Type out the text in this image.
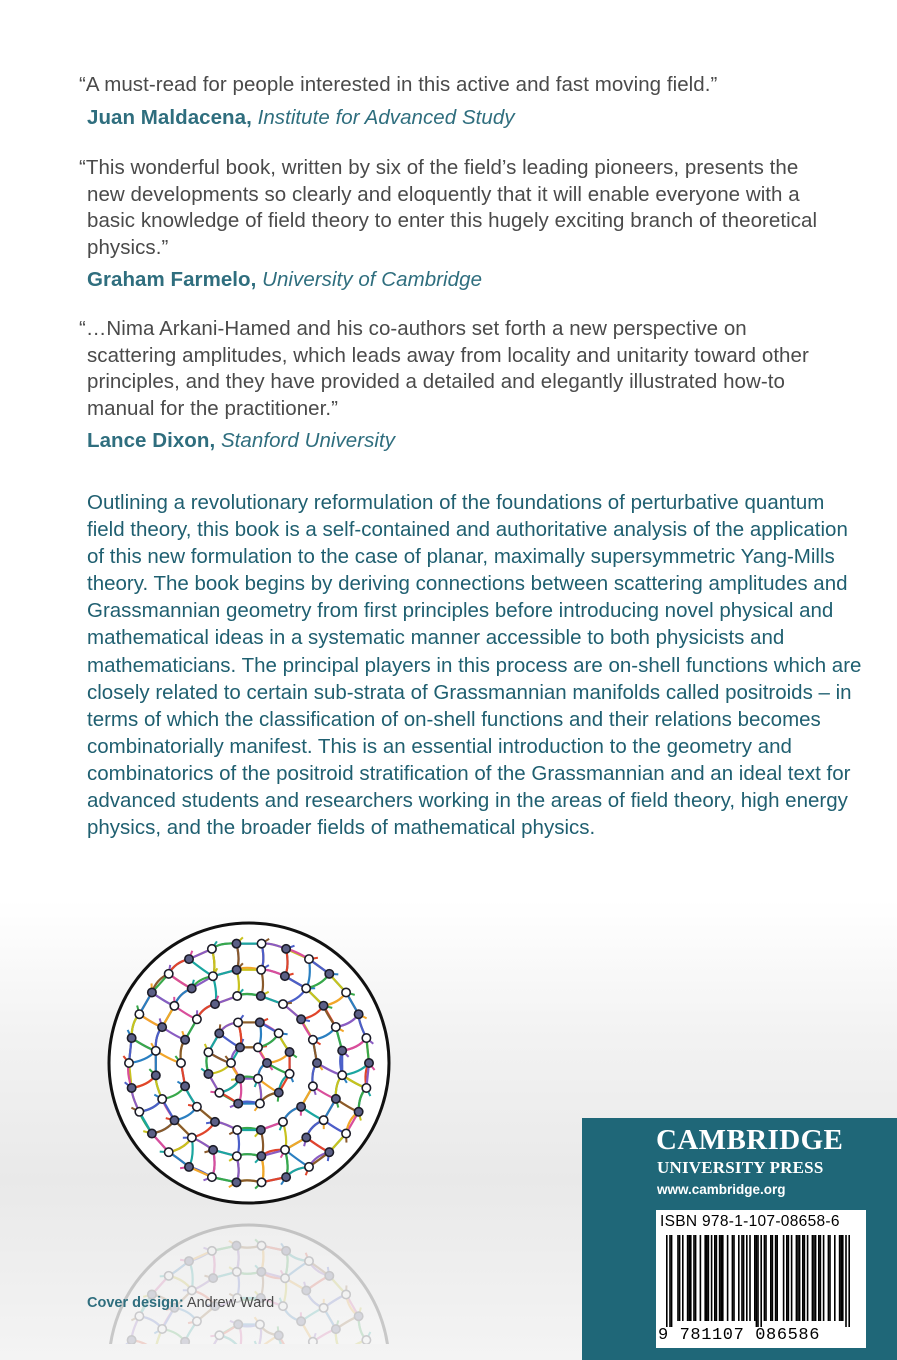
“A must-read for people interested in this active and fast moving field.”

Juan Maldacena, Institute for Advanced Study

“This wonderful book, written by six of the field’s leading pioneers, presents the new developments so clearly and eloquently that it will enable everyone with a basic knowledge of field theory to enter this hugely exciting branch of theoretical physics.”

Graham Farmelo, University of Cambridge

“…Nima Arkani-Hamed and his co-authors set forth a new perspective on scattering amplitudes, which leads away from locality and unitarity toward other principles, and they have provided a detailed and elegantly illustrated how-to manual for the practitioner.”

Lance Dixon, Stanford University

Outlining a revolutionary reformulation of the foundations of perturbative quantum field theory, this book is a self-contained and authoritative analysis of the application of this new formulation to the case of planar, maximally supersymmetric Yang-Mills theory. The book begins by deriving connections between scattering amplitudes and Grassmannian geometry from first principles before introducing novel physical and mathematical ideas in a systematic manner accessible to both physicists and mathematicians. The principal players in this process are on-shell functions which are closely related to certain sub-strata of Grassmannian manifolds called positroids – in terms of which the classification of on-shell functions and their relations becomes combinatorially manifest. This is an essential introduction to the geometry and combinatorics of the positroid stratification of the Grassmannian and an ideal text for advanced students and researchers working in the areas of field theory, high energy physics, and the broader fields of mathematical physics.

Cover design: Andrew Ward
CAMBRIDGE
UNIVERSITY PRESS
www.cambridge.org
ISBN 978-1-107-08658-6
9 781107 086586
